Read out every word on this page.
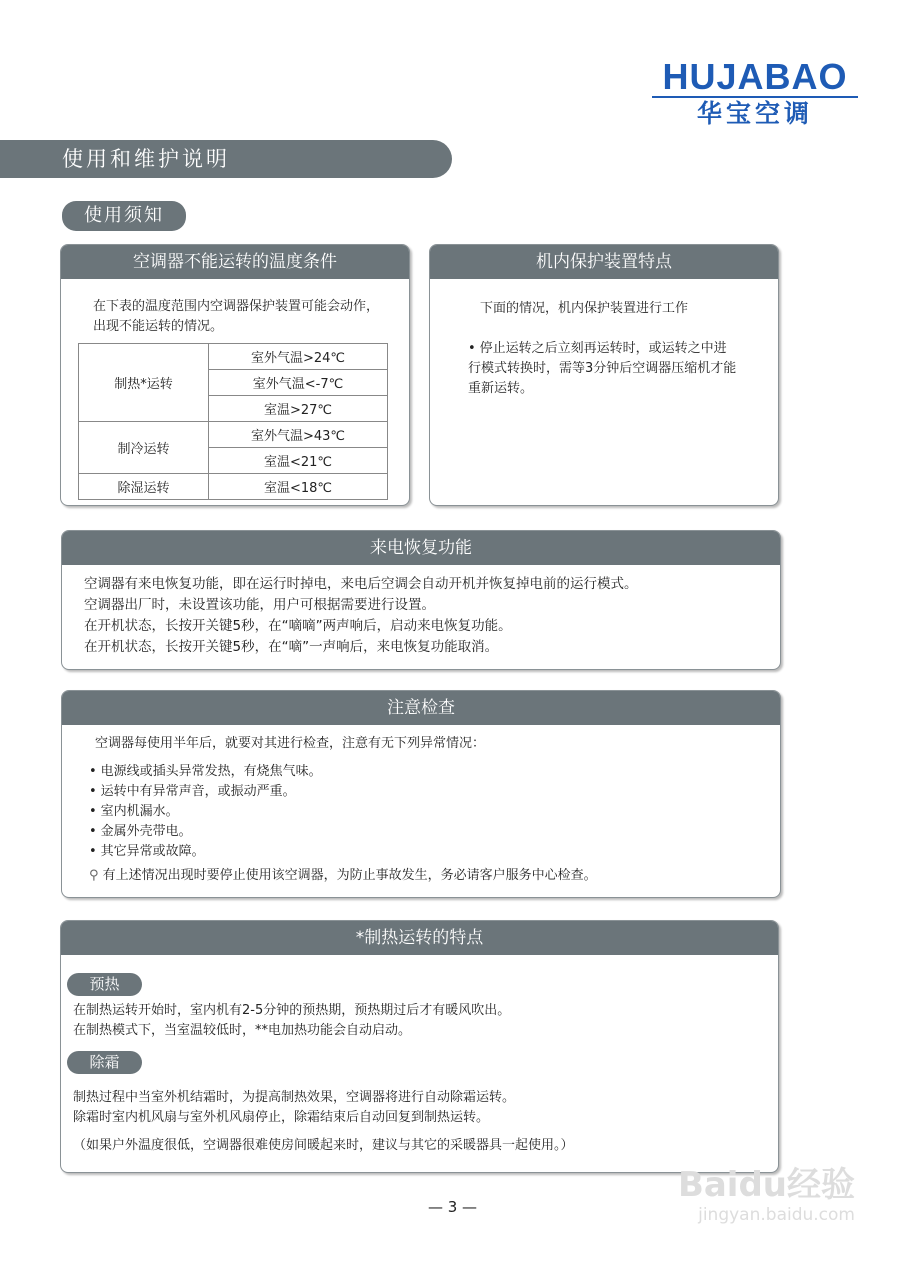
HUJABAO
华宝空调
使用和维护说明
使用须知
空调器不能运转的温度条件
在下表的温度范围内空调器保护装置可能会动作，出现不能运转的情况。
制热*运转	室外气温>24℃
	室外气温<-7℃
	室温>27℃
制冷运转	室外气温>43℃
	室温<21℃
除湿运转	室温<18℃
机内保护装置特点
下面的情况，机内保护装置进行工作
• 停止运转之后立刻再运转时，或运转之中进行模式转换时，需等3分钟后空调器压缩机才能重新运转。
来电恢复功能
空调器有来电恢复功能，即在运行时掉电，来电后空调会自动开机并恢复掉电前的运行模式。
空调器出厂时，未设置该功能，用户可根据需要进行设置。
在开机状态，长按开关键5秒，在“嘀嘀”两声响后，启动来电恢复功能。
在开机状态，长按开关键5秒，在“嘀”一声响后，来电恢复功能取消。
注意检查
空调器每使用半年后，就要对其进行检查，注意有无下列异常情况：
• 电源线或插头异常发热，有烧焦气味。
• 运转中有异常声音，或振动严重。
• 室内机漏水。
• 金属外壳带电。
• 其它异常或故障。
⚲ 有上述情况出现时要停止使用该空调器，为防止事故发生，务必请客户服务中心检查。
*制热运转的特点
预热
在制热运转开始时，室内机有2-5分钟的预热期，预热期过后才有暖风吹出。
在制热模式下，当室温较低时，**电加热功能会自动启动。
除霜
制热过程中当室外机结霜时，为提高制热效果，空调器将进行自动除霜运转。
除霜时室内机风扇与室外机风扇停止，除霜结束后自动回复到制热运转。
（如果户外温度很低，空调器很难使房间暖起来时，建议与其它的采暖器具一起使用。）
— 3 —
Baidu经验
jingyan.baidu.com
